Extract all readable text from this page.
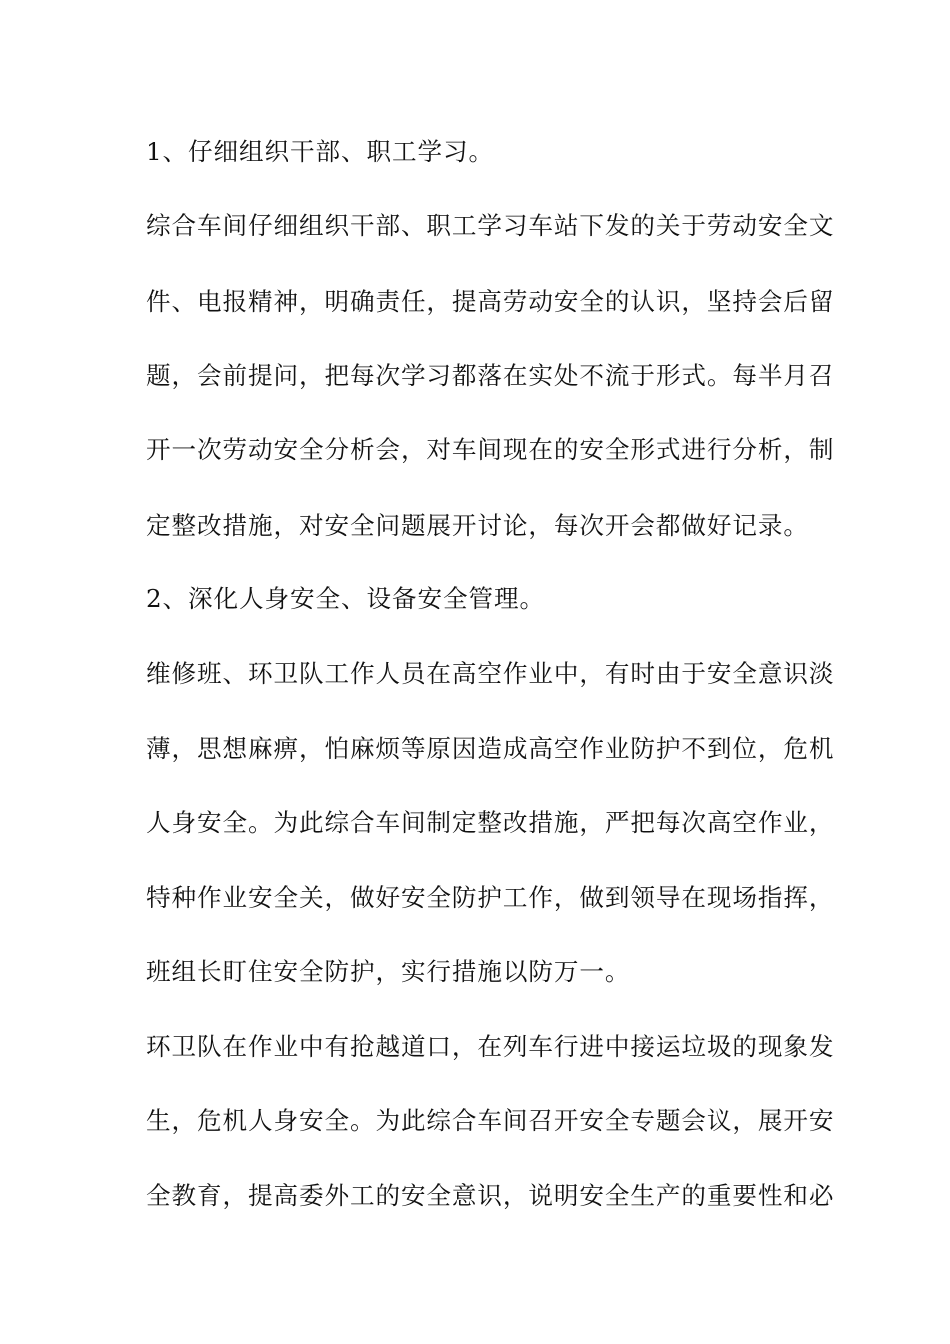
1、仔细组织干部、职工学习。
综合车间仔细组织干部、职工学习车站下发的关于劳动安全文
件、电报精神，明确责任，提高劳动安全的认识，坚持会后留
题，会前提问，把每次学习都落在实处不流于形式。每半月召
开一次劳动安全分析会，对车间现在的安全形式进行分析，制
定整改措施，对安全问题展开讨论，每次开会都做好记录。
2、深化人身安全、设备安全管理。
维修班、环卫队工作人员在高空作业中，有时由于安全意识淡
薄，思想麻痹，怕麻烦等原因造成高空作业防护不到位，危机
人身安全。为此综合车间制定整改措施，严把每次高空作业，
特种作业安全关，做好安全防护工作，做到领导在现场指挥，
班组长盯住安全防护，实行措施以防万一。
环卫队在作业中有抢越道口，在列车行进中接运垃圾的现象发
生，危机人身安全。为此综合车间召开安全专题会议，展开安
全教育，提高委外工的安全意识，说明安全生产的重要性和必
